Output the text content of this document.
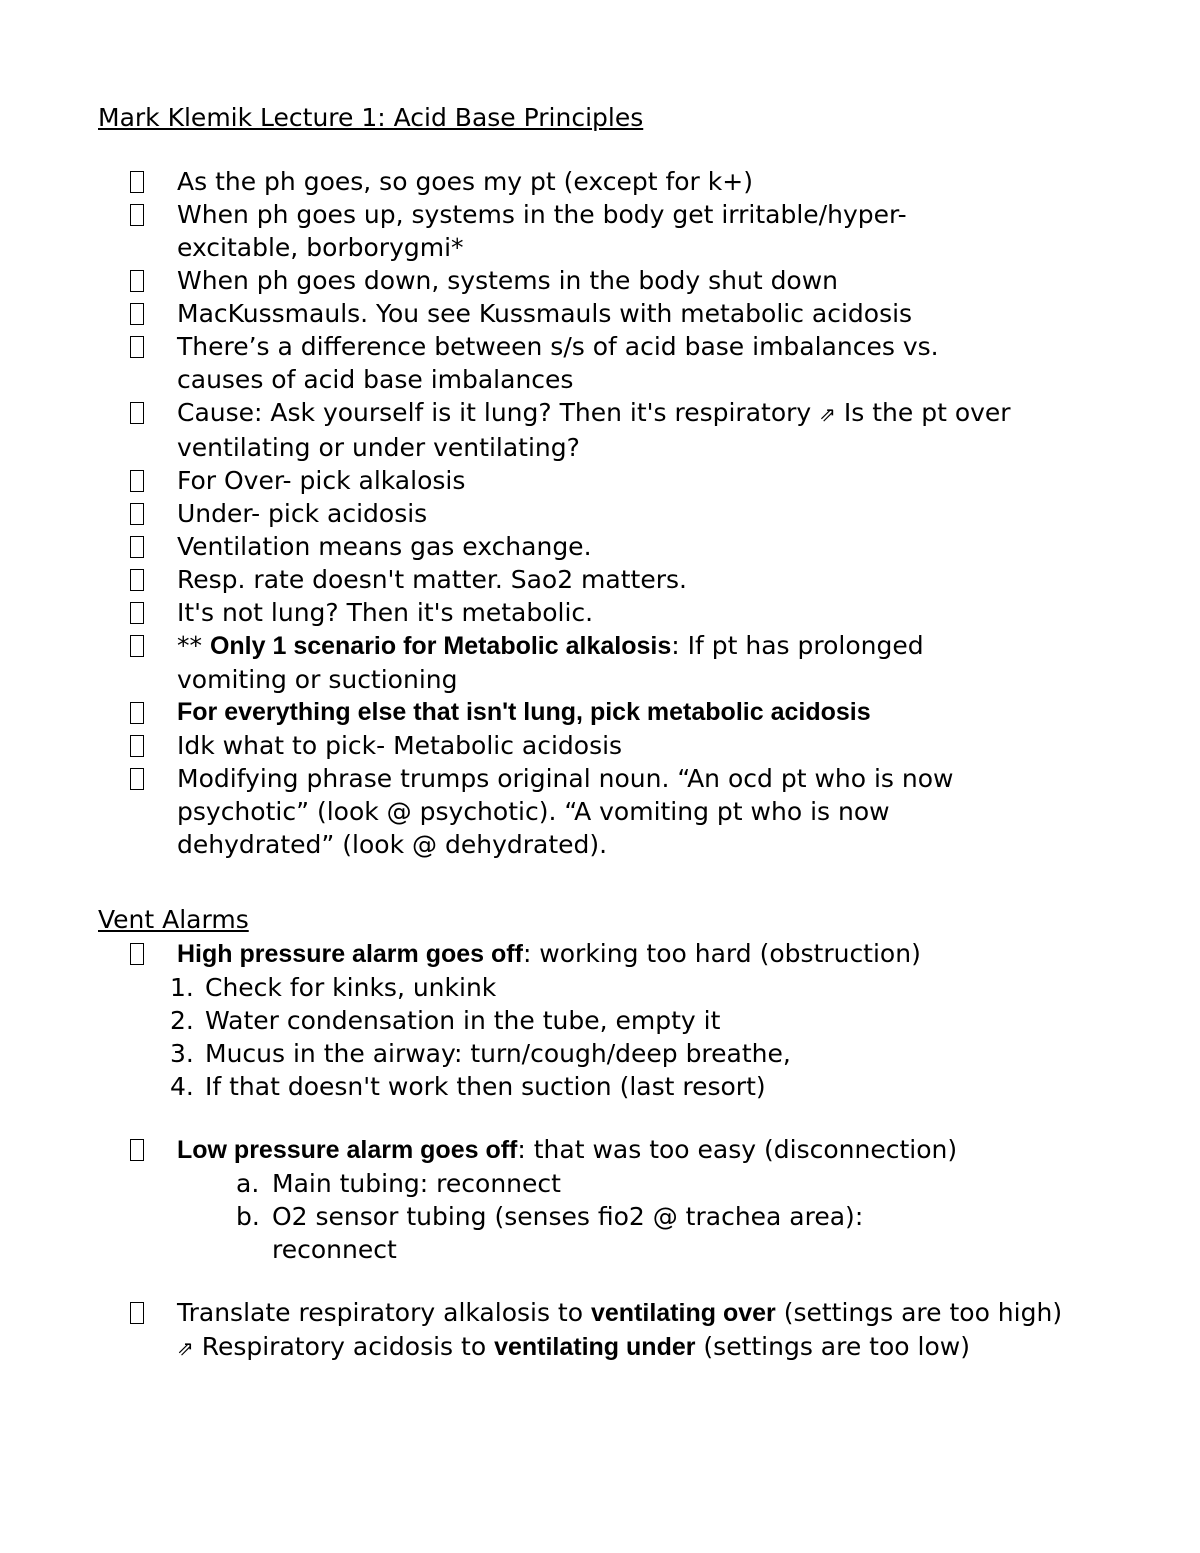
Mark Klemik Lecture 1: Acid Base Principles
As the ph goes, so goes my pt (except for k+)
When ph goes up, systems in the body get irritable/hyper-excitable, borborygmi*
When ph goes down, systems in the body shut down
MacKussmauls. You see Kussmauls with metabolic acidosis
There’s a difference between s/s of acid base imbalances vs. causes of acid base imbalances
Cause: Ask yourself is it lung? Then it's respiratory ⇗ Is the pt over ventilating or under ventilating?
For Over- pick alkalosis
Under- pick acidosis
Ventilation means gas exchange.
Resp. rate doesn't matter. Sao2 matters.
It's not lung? Then it's metabolic.
** Only 1 scenario for Metabolic alkalosis: If pt has prolonged vomiting or suctioning
For everything else that isn't lung, pick metabolic acidosis
Idk what to pick- Metabolic acidosis
Modifying phrase trumps original noun. “An ocd pt who is now psychotic” (look @ psychotic). “A vomiting pt who is now dehydrated” (look @ dehydrated).
Vent Alarms
High pressure alarm goes off: working too hard (obstruction)
1. Check for kinks, unkink
2. Water condensation in the tube, empty it
3. Mucus in the airway: turn/cough/deep breathe,
4. If that doesn't work then suction (last resort)
Low pressure alarm goes off: that was too easy (disconnection)
a. Main tubing: reconnect
b. O2 sensor tubing (senses fio2 @ trachea area): reconnect
Translate respiratory alkalosis to ventilating over (settings are too high) ⇗ Respiratory acidosis to ventilating under (settings are too low)
